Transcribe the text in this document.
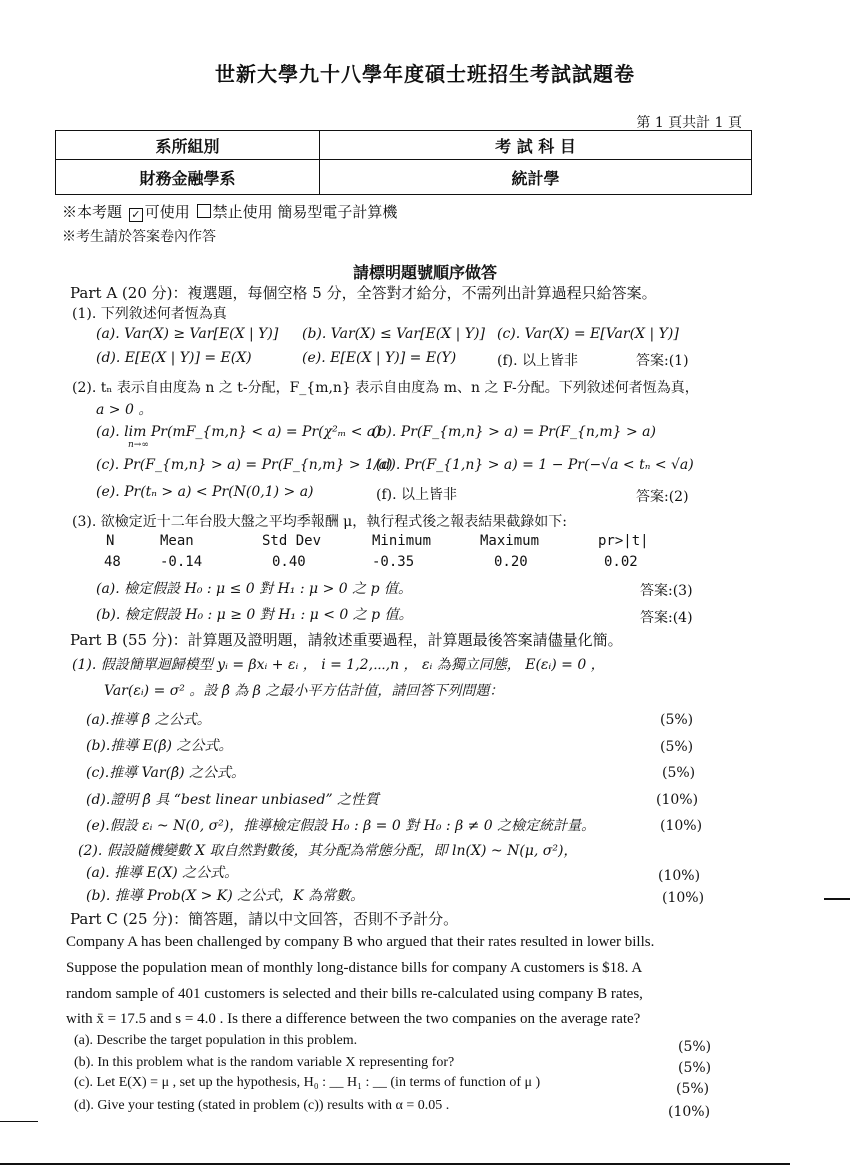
世新大學九十八學年度碩士班招生考試試題卷
第 1 頁共計 1 頁
系所組別	考 試 科 目
財務金融學系	統計學
※本考題 ✓ 可使用 禁止使用 簡易型電子計算機
※考生請於答案卷內作答
請標明題號順序做答
Part A (20 分)：複選題，每個空格 5 分，全答對才給分，不需列出計算過程只給答案。
(1). 下列敘述何者恆為真
(a). Var(X) ≥ Var[E(X | Y)] (b). Var(X) ≤ Var[E(X | Y)] (c). Var(X) = E[Var(X | Y)]
(d). E[E(X | Y)] = E(X)	(e). E[E(X | Y)] = E(Y)	(f). 以上皆非	答案:(1)
(2). tₙ 表示自由度為 n 之 t-分配，F_{m,n} 表示自由度為 m、n 之 F-分配。下列敘述何者恆為真，
a > 0 。
(a). lim Pr(mF_{m,n} < a) = Pr(χ²ₘ < a)
n→∞
(b). Pr(F_{m,n} > a) = Pr(F_{n,m} > a)
(c). Pr(F_{m,n} > a) = Pr(F_{n,m} > 1/a)
(d). Pr(F_{1,n} > a) = 1 − Pr(−√a < tₙ < √a)
(e). Pr(tₙ > a) < Pr(N(0,1) > a)	(f). 以上皆非	答案:(2)
(3). 欲檢定近十二年台股大盤之平均季報酬 μ，執行程式後之報表結果截錄如下:
N	Mean	Std Dev	Minimum	Maximum	pr>|t|
48	-0.14	0.40	-0.35	0.20	0.02
(a). 檢定假設 H₀ : μ ≤ 0 對 H₁ : μ > 0 之 p 值。	答案:(3)
(b). 檢定假設 H₀ : μ ≥ 0 對 H₁ : μ < 0 之 p 值。	答案:(4)
Part B (55 分)：計算題及證明題，請敘述重要過程，計算題最後答案請儘量化簡。
(1). 假設簡單迴歸模型 yᵢ = βxᵢ + εᵢ ， i = 1,2,⋯,n ， εᵢ 為獨立同態， E(εᵢ) = 0 ，
Var(εᵢ) = σ² 。設 β̂ 為 β 之最小平方估計值，請回答下列問題：
(a).推導 β̂ 之公式。	(5%)
(b).推導 E(β̂) 之公式。	(5%)
(c).推導 Var(β̂) 之公式。	(5%)
(d).證明 β̂ 具 “best linear unbiased” 之性質	(10%)
(e).假設 εᵢ ~ N(0, σ²)，推導檢定假設 H₀ : β = 0 對 H₀ : β ≠ 0 之檢定統計量。	(10%)
(2). 假設隨機變數 X 取自然對數後，其分配為常態分配，即 ln(X) ~ N(μ, σ²)，
(a). 推導 E(X) 之公式。	(10%)
(b). 推導 Prob(X > K) 之公式，K 為常數。	(10%)
Part C (25 分)：簡答題，請以中文回答，否則不予計分。
Company A has been challenged by company B who argued that their rates resulted in lower bills.
Suppose the population mean of monthly long-distance bills for company A customers is $18. A
random sample of 401 customers is selected and their bills re-calculated using company B rates,
with x̄ = 17.5 and s = 4.0 . Is there a difference between the two companies on the average rate?
(a). Describe the target population in this problem.	(5%)
(b). In this problem what is the random variable X representing for?	(5%)
(c). Let E(X) = μ , set up the hypothesis, H₀ : __ H₁ : __ (in terms of function of μ )	(5%)
(d). Give your testing (stated in problem (c)) results with α = 0.05 .	(10%)
